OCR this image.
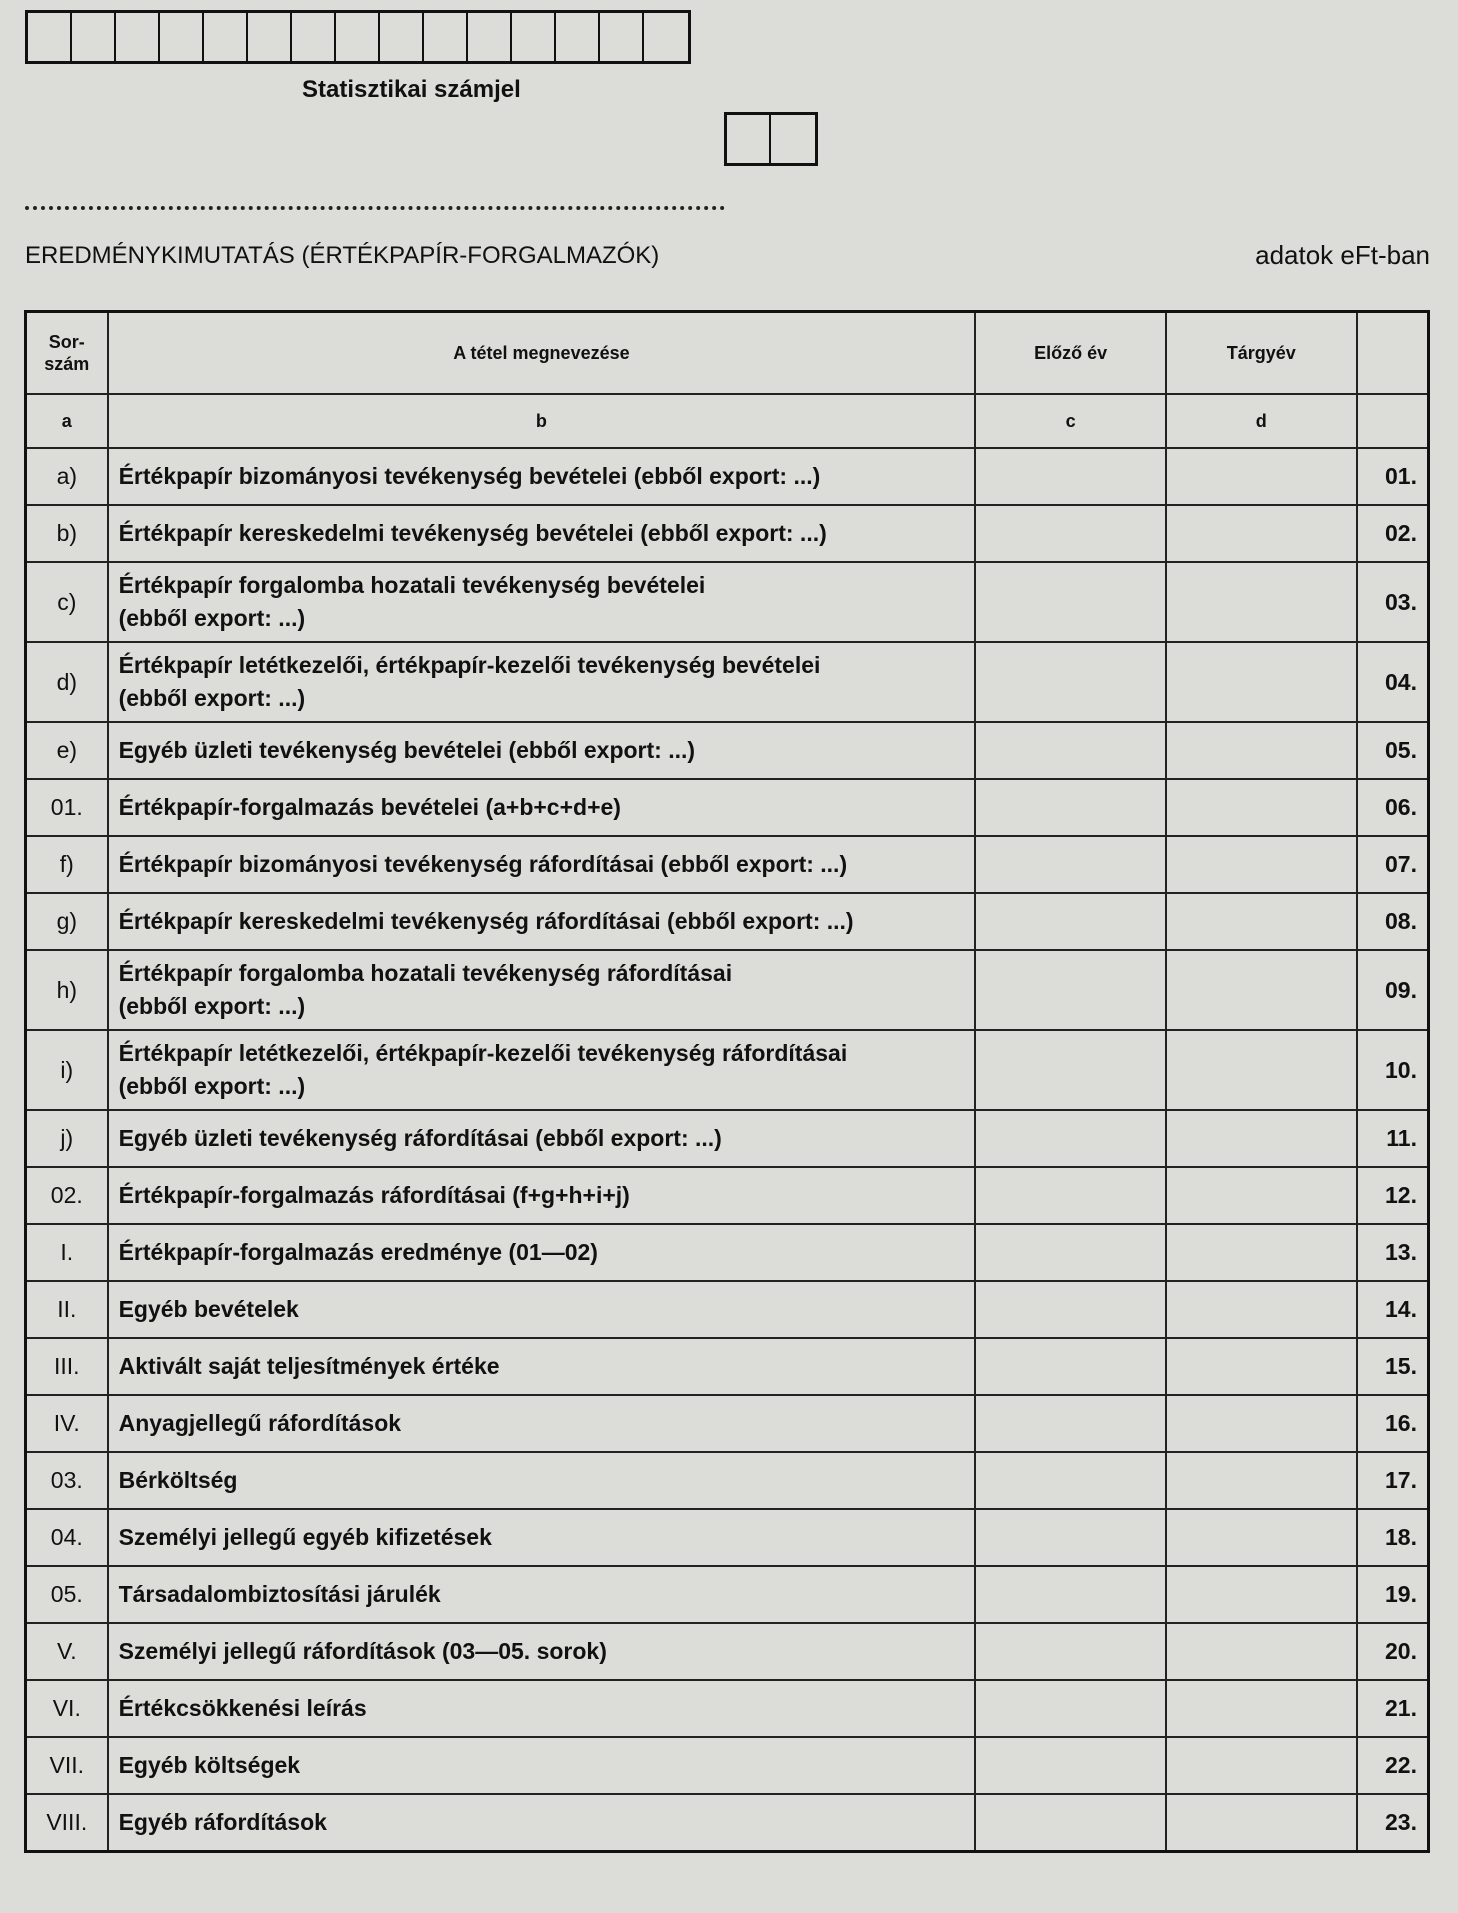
Statisztikai számjel
EREDMÉNYKIMUTATÁS (ÉRTÉKPAPÍR-FORGALMAZÓK)	adatok eFt-ban
Sor-
szám	A tétel megnevezése	Előző év	Tárgyév	
a	b	c	d	
a)	Értékpapír bizományosi tevékenység bevételei (ebből export: ...)			01.
b)	Értékpapír kereskedelmi tevékenység bevételei (ebből export: ...)			02.
c)	Értékpapír forgalomba hozatali tevékenység bevételei
(ebből export: ...)			03.
d)	Értékpapír letétkezelői, értékpapír-kezelői tevékenység bevételei
(ebből export: ...)			04.
e)	Egyéb üzleti tevékenység bevételei (ebből export: ...)			05.
01.	Értékpapír-forgalmazás bevételei (a+b+c+d+e)			06.
f)	Értékpapír bizományosi tevékenység ráfordításai (ebből export: ...)			07.
g)	Értékpapír kereskedelmi tevékenység ráfordításai (ebből export: ...)			08.
h)	Értékpapír forgalomba hozatali tevékenység ráfordításai
(ebből export: ...)			09.
i)	Értékpapír letétkezelői, értékpapír-kezelői tevékenység ráfordításai
(ebből export: ...)			10.
j)	Egyéb üzleti tevékenység ráfordításai (ebből export: ...)			11.
02.	Értékpapír-forgalmazás ráfordításai (f+g+h+i+j)			12.
I.	Értékpapír-forgalmazás eredménye (01—02)			13.
II.	Egyéb bevételek			14.
III.	Aktivált saját teljesítmények értéke			15.
IV.	Anyagjellegű ráfordítások			16.
03.	Bérköltség			17.
04.	Személyi jellegű egyéb kifizetések			18.
05.	Társadalombiztosítási járulék			19.
V.	Személyi jellegű ráfordítások (03—05. sorok)			20.
VI.	Értékcsökkenési leírás			21.
VII.	Egyéb költségek			22.
VIII.	Egyéb ráfordítások			23.
